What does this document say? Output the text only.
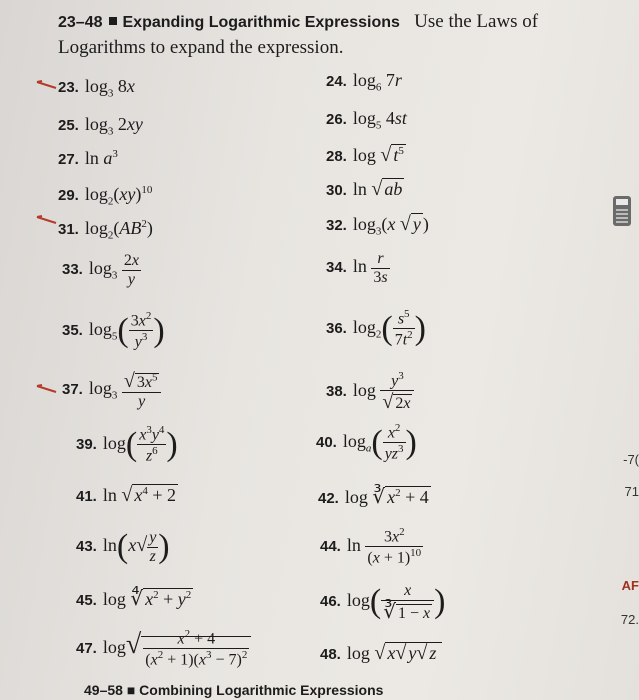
23–48 Expanding Logarithmic Expressions Use the Laws of
Logarithms to expand the expression.
23. $\log_3 8x$	24. $\log_6 7r$
25. $\log_3 2xy$	26. $\log_5 4st$
27. $\ln a^3$	28. log √ $t^5$
29. $\log_2(xy)^{10}$	30. ln √ ab
31. $\log_2(AB^2)$	32. $\log_3(x$ √ y )
33. $\log_3 \frac{2x}{y}$	34. $\ln \frac{r}{3s}$
35. $\log_5( \frac{3x^2}{y^3}$ )	36. $\log_2( \frac{s^5}{7t^2}$ )
37. $\log_3 \frac{√ 3x^5}{y}$	38. $\log \frac{y^3}{√ 2x}$
39. $\log( \frac{x^3y^4}{z^6}$ )	40. $\log_a( \frac{x^2}{yz^3}$ )
41. ln √ $x^4 + 2$	42. log ∛ $x^2 + 4$
43. $\ln(x√ \frac{y}{z}$ )	44. $\ln \frac{3x^2}{(x + 1)^{10}}$
45. log ∜ $x^2 + y^2$	46. $\log( \frac{x}{∛ 1 - x}$ )
47. $\log√ \frac{x^2 + 4}{(x^2 + 1)(x^3 - 7)^2}$	48. log √ x√ y√ z
-7(
71
AF
72.
49–58 ■ Combining Logarithmic Expressions
